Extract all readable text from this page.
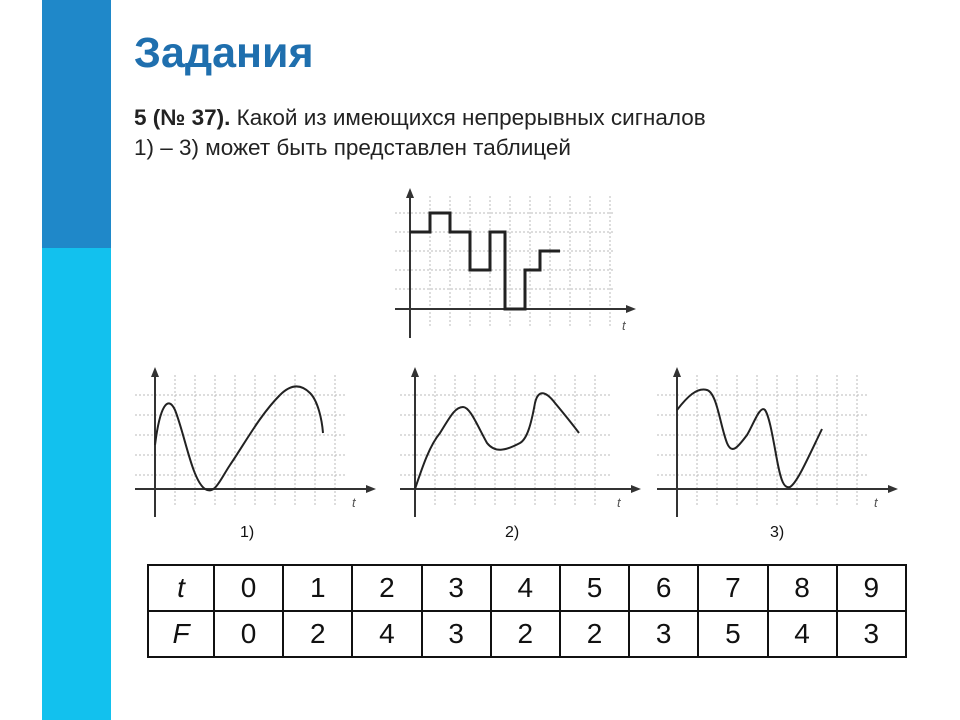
Задания
5 (№ 37). Какой из имеющихся непрерывных сигналов
1) – 3) может быть представлен таблицей
t
t	t	t
1)	2)	3)
t	0	1	2	3	4	5	6	7	8	9
F	0	2	4	3	2	2	3	5	4	3
